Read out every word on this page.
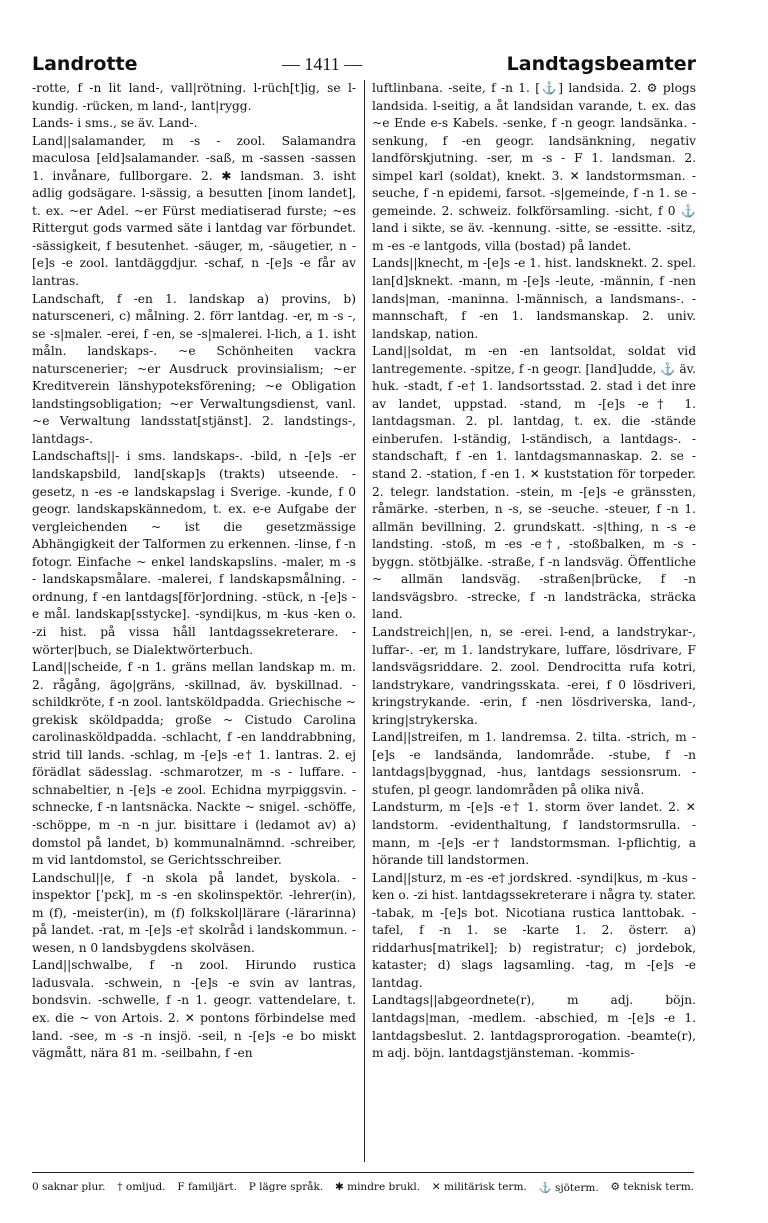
Landrotte	— 1411 —	Landtagsbeamter

-rotte, f -n lit land-, vall|rötning. l-rüch[t]ig, se l-kundig. -rücken, m land-, lant|rygg.

Lands- i sms., se äv. Land-.

Land||salamander, m -s - zool. Salamandra maculosa [eld]salamander. -saß, m -sassen -sassen 1. invånare, fullborgare. 2. ✱ landsman. 3. isht adlig godsägare. l-sässig, a besutten [inom landet], t. ex. ~er Adel. ~er Fürst mediatiserad furste; ~es Rittergut gods varmed säte i lantdag var förbundet. -sässigkeit, f besutenhet. -säuger, m, -säugetier, n -[e]s -e zool. lantdäggdjur. -schaf, n -[e]s -e får av lantras.

Landschaft, f -en 1. landskap a) provins, b) natursceneri, c) målning. 2. förr lantdag. -er, m -s -, se -s|maler. -erei, f -en, se -s|malerei. l-lich, a 1. isht måln. landskaps-. ~e Schönheiten vackra naturscenerier; ~er Ausdruck provinsialism; ~er Kreditverein länshypoteksförening; ~e Obligation landstingsobligation; ~er Verwaltungsdienst, vanl. ~e Verwaltung landsstat[stjänst]. 2. landstings-, lantdags-.

Landschafts||- i sms. landskaps-. -bild, n -[e]s -er landskapsbild, land[skap]s (trakts) utseende. -gesetz, n -es -e landskapslag i Sverige. -kunde, f 0 geogr. landskapskännedom, t. ex. e-e Aufgabe der vergleichenden ~ ist die gesetzmässige Abhängigkeit der Talformen zu erkennen. -linse, f -n fotogr. Einfache ~ enkel landskapslins. -maler, m -s - landskapsmålare. -malerei, f landskapsmålning. -ordnung, f -en lantdags[för]ordning. -stück, n -[e]s -e mål. landskap[sstycke]. -syndi|kus, m -kus -ken o. -zi hist. på vissa håll lantdagssekreterare. -wörter|buch, se Dialektwörterbuch.

Land||scheide, f -n 1. gräns mellan landskap m. m. 2. rågång, ägo|gräns, -skillnad, äv. byskillnad. -schildkröte, f -n zool. lantsköldpadda. Griechische ~ grekisk sköldpadda; große ~ Cistudo Carolina carolinasköldpadda. -schlacht, f -en landdrabbning, strid till lands. -schlag, m -[e]s -e† 1. lantras. 2. ej förädlat sädesslag. -schmarotzer, m -s - luffare. -schnabeltier, n -[e]s -e zool. Echidna myrpiggsvin. -schnecke, f -n lantsnäcka. Nackte ~ snigel. -schöffe, -schöppe, m -n -n jur. bisittare i (ledamot av) a) domstol på landet, b) kommunalnämnd. -schreiber, m vid lantdomstol, se Gerichtsschreiber.

Landschul||e, f -n skola på landet, byskola. -inspektor [ˈpɛk], m -s -en skolinspektör. -lehrer(in), m (f), -meister(in), m (f) folkskol|lärare (-lärarinna) på landet. -rat, m -[e]s -e† skolråd i landskommun. -wesen, n 0 landsbygdens skolväsen.

Land||schwalbe, f -n zool. Hirundo rustica ladusvala. -schwein, n -[e]s -e svin av lantras, bondsvin. -schwelle, f -n 1. geogr. vattendelare, t. ex. die ~ von Artois. 2. ✕ pontons förbindelse med land. -see, m -s -n insjö. -seil, n -[e]s -e bo miskt vägmått, nära 81 m. -seilbahn, f -en

luftlinbana. -seite, f -n 1. [⚓] landsida. 2. ⚙ plogs landsida. l-seitig, a åt landsidan varande, t. ex. das ~e Ende e-s Kabels. -senke, f -n geogr. landsänka. -senkung, f -en geogr. landsänkning, negativ landförskjutning. -ser, m -s - F 1. landsman. 2. simpel karl (soldat), knekt. 3. ✕ landstormsman. -seuche, f -n epidemi, farsot. -s|gemeinde, f -n 1. se -gemeinde. 2. schweiz. folkförsamling. -sicht, f 0 ⚓ land i sikte, se äv. -kennung. -sitte, se -essitte. -sitz, m -es -e lantgods, villa (bostad) på landet.

Lands||knecht, m -[e]s -e 1. hist. landsknekt. 2. spel. lan[d]sknekt. -mann, m -[e]s -leute, -männin, f -nen lands|man, -maninna. l-männisch, a landsmans-. -mannschaft, f -en 1. landsmanskap. 2. univ. landskap, nation.

Land||soldat, m -en -en lantsoldat, soldat vid lantregemente. -spitze, f -n geogr. [land]udde, ⚓ äv. huk. -stadt, f -e† 1. landsortsstad. 2. stad i det inre av landet, uppstad. -stand, m -[e]s -e† 1. lantdagsman. 2. pl. lantdag, t. ex. die -stände einberufen. l-ständig, l-ständisch, a lantdags-. -standschaft, f -en 1. lantdagsmannaskap. 2. se -stand 2. -station, f -en 1. ✕ kuststation för torpeder. 2. telegr. landstation. -stein, m -[e]s -e gränssten, råmärke. -sterben, n -s, se -seuche. -steuer, f -n 1. allmän bevillning. 2. grundskatt. -s|thing, n -s -e landsting. -stoß, m -es -e†, -stoßbalken, m -s - byggn. stötbjälke. -straße, f -n landsväg. Öffentliche ~ allmän landsväg. -straßen|brücke, f -n landsvägsbro. -strecke, f -n landsträcka, sträcka land.

Landstreich||en, n, se -erei. l-end, a landstrykar-, luffar-. -er, m 1. landstrykare, luffare, lösdrivare, F landsvägsriddare. 2. zool. Dendrocitta rufa kotri, landstrykare, vandringsskata. -erei, f 0 lösdriveri, kringstrykande. -erin, f -nen lösdriverska, land-, kring|strykerska.

Land||streifen, m 1. landremsa. 2. tilta. -strich, m -[e]s -e landsända, landområde. -stube, f -n lantdags|byggnad, -hus, lantdags sessionsrum. -stufen, pl geogr. landområden på olika nivå.

Landsturm, m -[e]s -e† 1. storm över landet. 2. ✕ landstorm. -evidenthaltung, f landstormsrulla. -mann, m -[e]s -er† landstormsman. l-pflichtig, a hörande till landstormen.

Land||sturz, m -es -e† jordskred. -syndi|kus, m -kus -ken o. -zi hist. lantdagssekreterare i några ty. stater. -tabak, m -[e]s bot. Nicotiana rustica lanttobak. -tafel, f -n 1. se -karte 1. 2. österr. a) riddarhus[matrikel]; b) registratur; c) jordebok, kataster; d) slags lagsamling. -tag, m -[e]s -e lantdag.

Landtags||abgeordnete(r), m adj. böjn. lantdags|man, -medlem. -abschied, m -[e]s -e 1. lantdagsbeslut. 2. lantdagsprorogation. -beamte(r), m adj. böjn. lantdagstjänsteman. -kommis-

0 saknar plur. † omljud. F familjärt. P lägre språk. ✱ mindre brukl. ✕ militärisk term. ⚓ sjöterm. ⚙ teknisk term.
